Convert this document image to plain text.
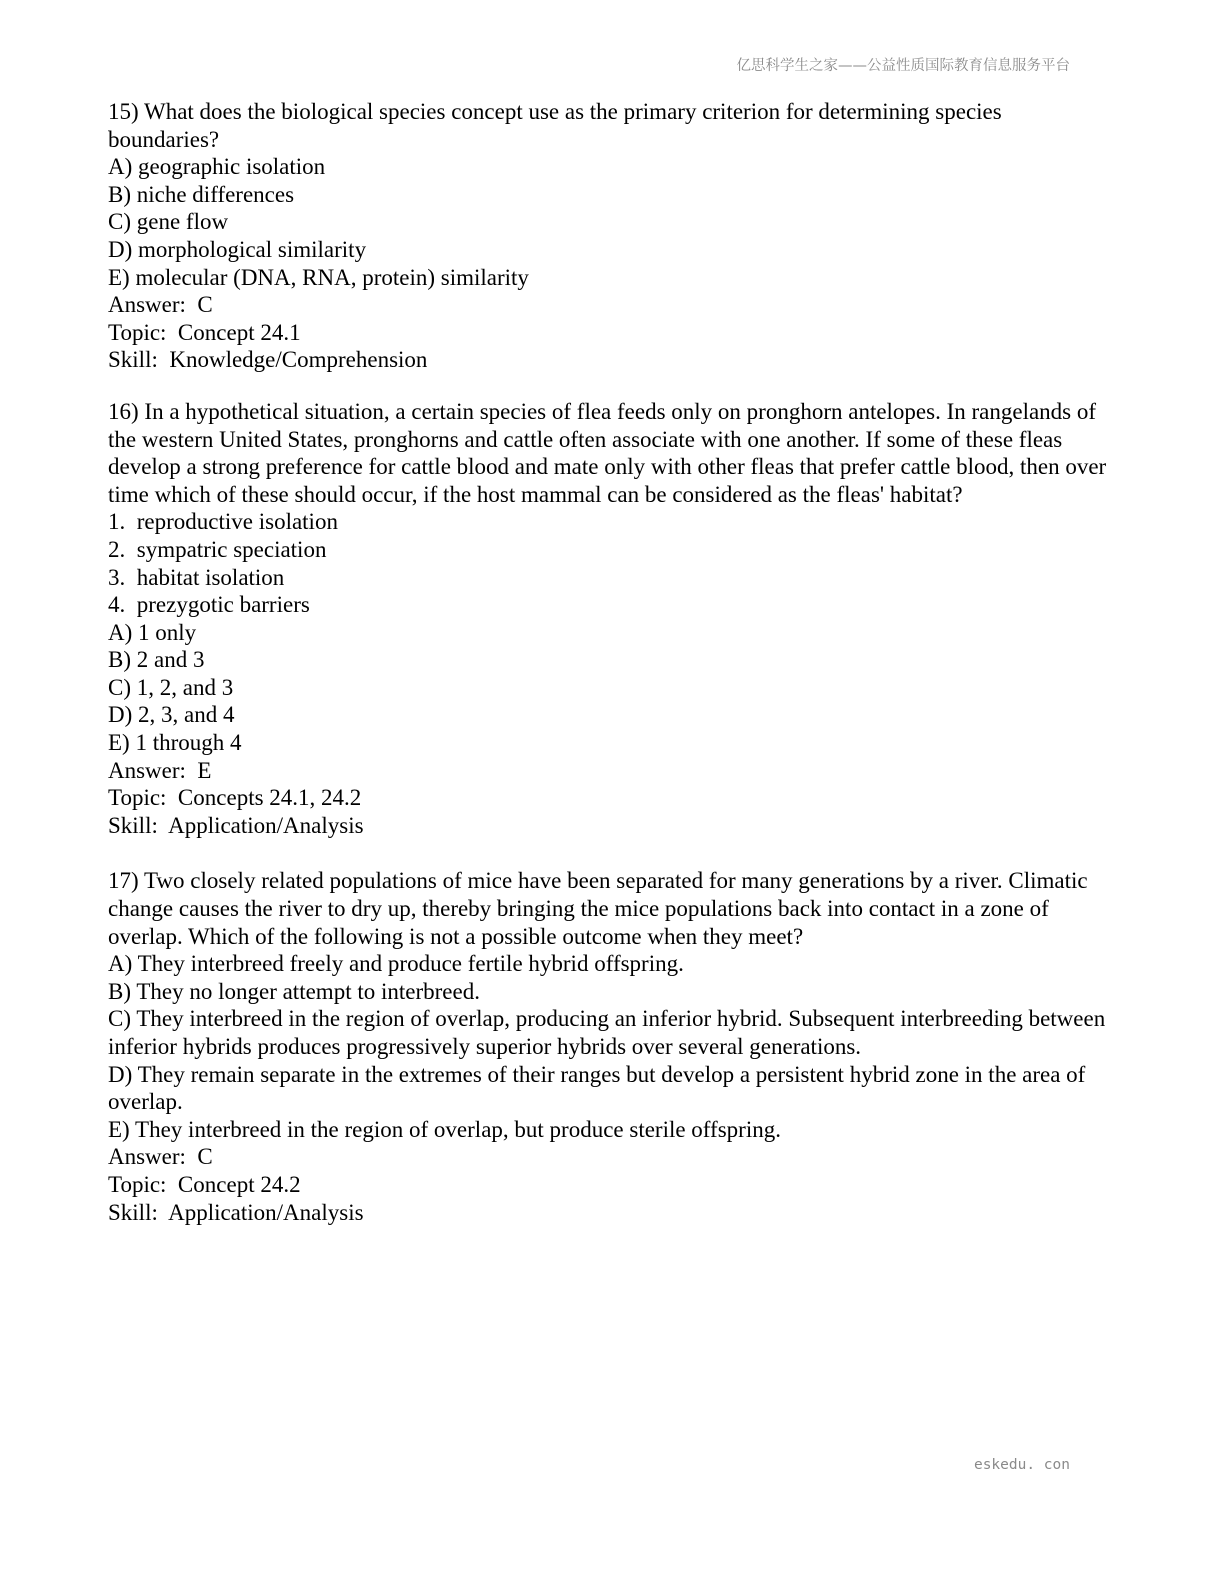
亿思科学生之家——公益性质国际教育信息服务平台
15) What does the biological species concept use as the primary criterion for determining species boundaries?
A) geographic isolation
B) niche differences
C) gene flow
D) morphological similarity
E) molecular (DNA, RNA, protein) similarity
Answer:  C
Topic:  Concept 24.1
Skill:  Knowledge/Comprehension
16) In a hypothetical situation, a certain species of flea feeds only on pronghorn antelopes. In rangelands of the western United States, pronghorns and cattle often associate with one another. If some of these fleas develop a strong preference for cattle blood and mate only with other fleas that prefer cattle blood, then over time which of these should occur, if the host mammal can be considered as the fleas' habitat?
1.  reproductive isolation
2.  sympatric speciation
3.  habitat isolation
4.  prezygotic barriers
A) 1 only
B) 2 and 3
C) 1, 2, and 3
D) 2, 3, and 4
E) 1 through 4
Answer:  E
Topic:  Concepts 24.1, 24.2
Skill:  Application/Analysis
17) Two closely related populations of mice have been separated for many generations by a river. Climatic change causes the river to dry up, thereby bringing the mice populations back into contact in a zone of overlap. Which of the following is not a possible outcome when they meet?
A) They interbreed freely and produce fertile hybrid offspring.
B) They no longer attempt to interbreed.
C) They interbreed in the region of overlap, producing an inferior hybrid. Subsequent interbreeding between inferior hybrids produces progressively superior hybrids over several generations.
D) They remain separate in the extremes of their ranges but develop a persistent hybrid zone in the area of overlap.
E) They interbreed in the region of overlap, but produce sterile offspring.
Answer:  C
Topic:  Concept 24.2
Skill:  Application/Analysis
eskedu. con
